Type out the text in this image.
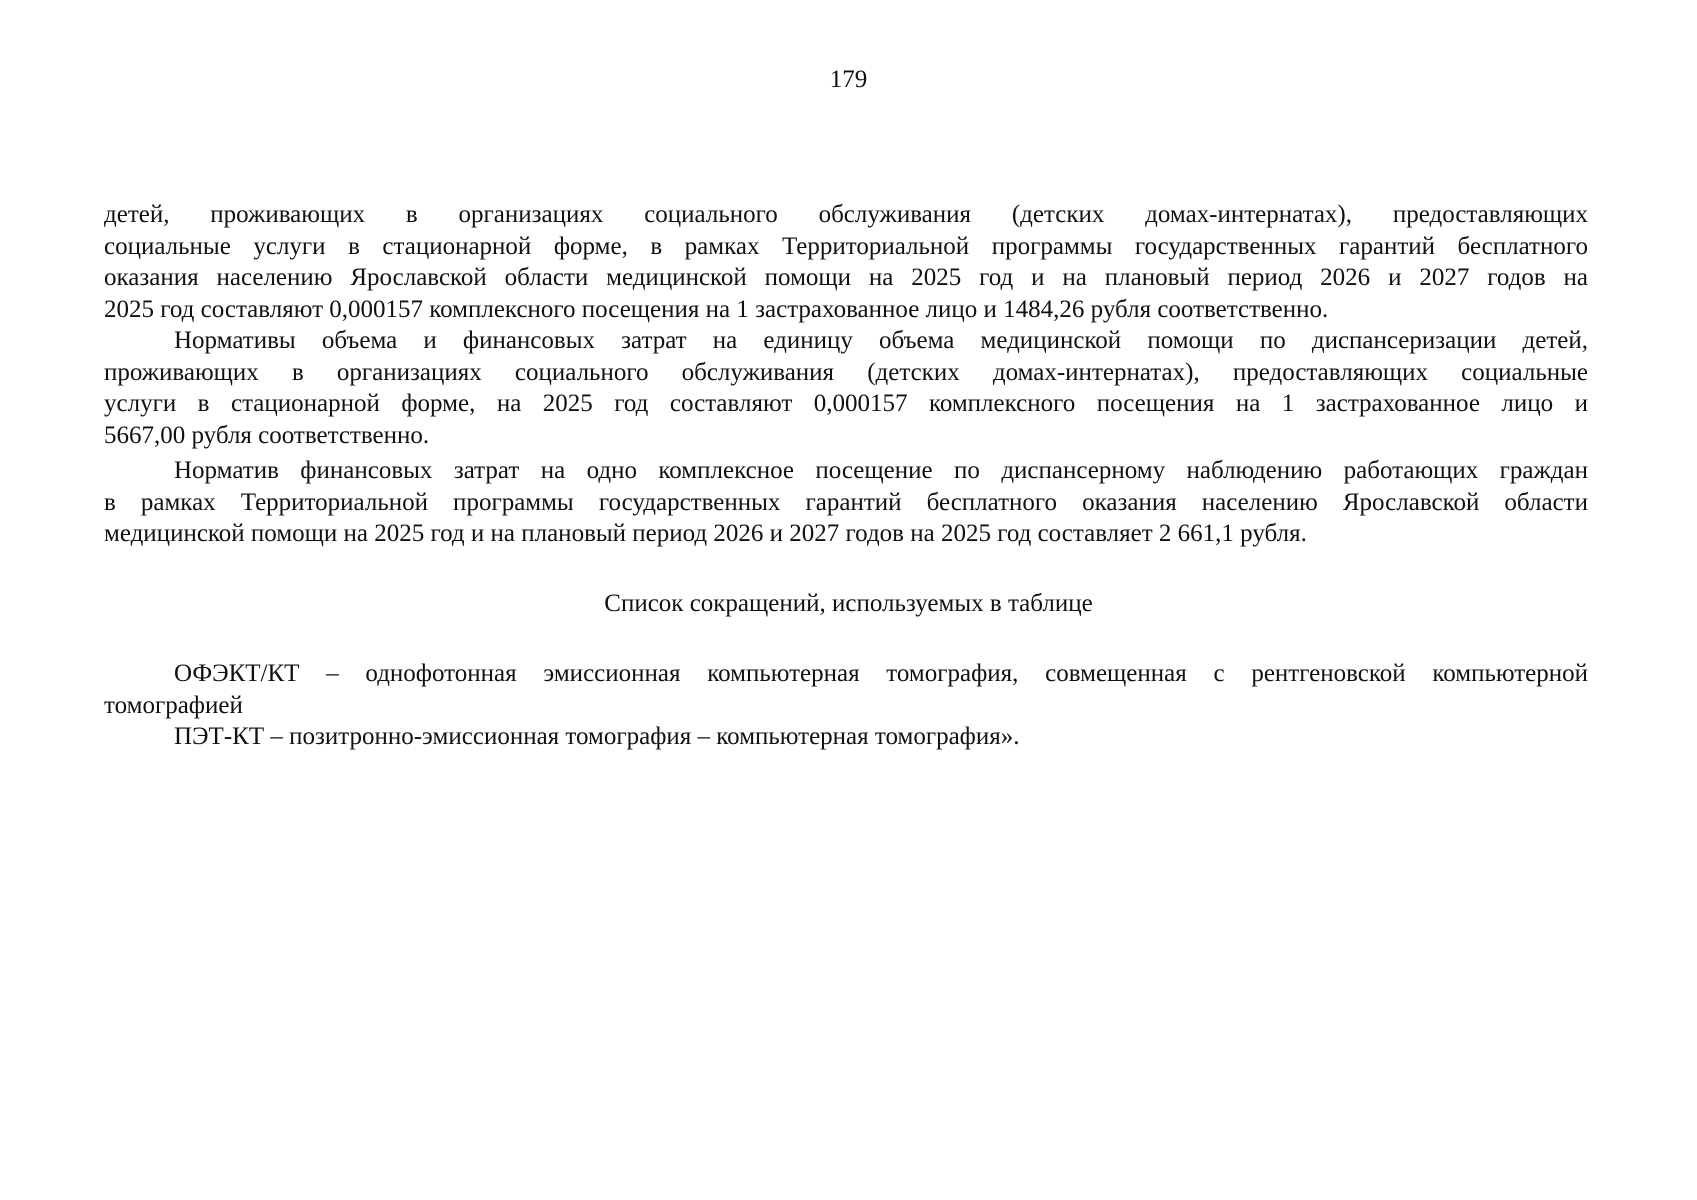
179
детей, проживающих в организациях социального обслуживания (детских домах-интернатах), предоставляющих
социальные услуги в стационарной форме, в рамках Территориальной программы государственных гарантий бесплатного
оказания населению Ярославской области медицинской помощи на 2025 год и на плановый период 2026 и 2027 годов на
2025 год составляют 0,000157 комплексного посещения на 1 застрахованное лицо и 1484,26 рубля соответственно.
Нормативы объема и финансовых затрат на единицу объема медицинской помощи по диспансеризации детей,
проживающих в организациях социального обслуживания (детских домах-интернатах), предоставляющих социальные
услуги в стационарной форме, на 2025 год составляют 0,000157 комплексного посещения на 1 застрахованное лицо и
5667,00 рубля соответственно.
Норматив финансовых затрат на одно комплексное посещение по диспансерному наблюдению работающих граждан
в рамках Территориальной программы государственных гарантий бесплатного оказания населению Ярославской области
медицинской помощи на 2025 год и на плановый период 2026 и 2027 годов на 2025 год составляет 2 661,1 рубля.
Список сокращений, используемых в таблице
ОФЭКТ/КТ – однофотонная эмиссионная компьютерная томография, совмещенная с рентгеновской компьютерной
томографией
ПЭТ-КТ – позитронно-эмиссионная томография – компьютерная томография».
